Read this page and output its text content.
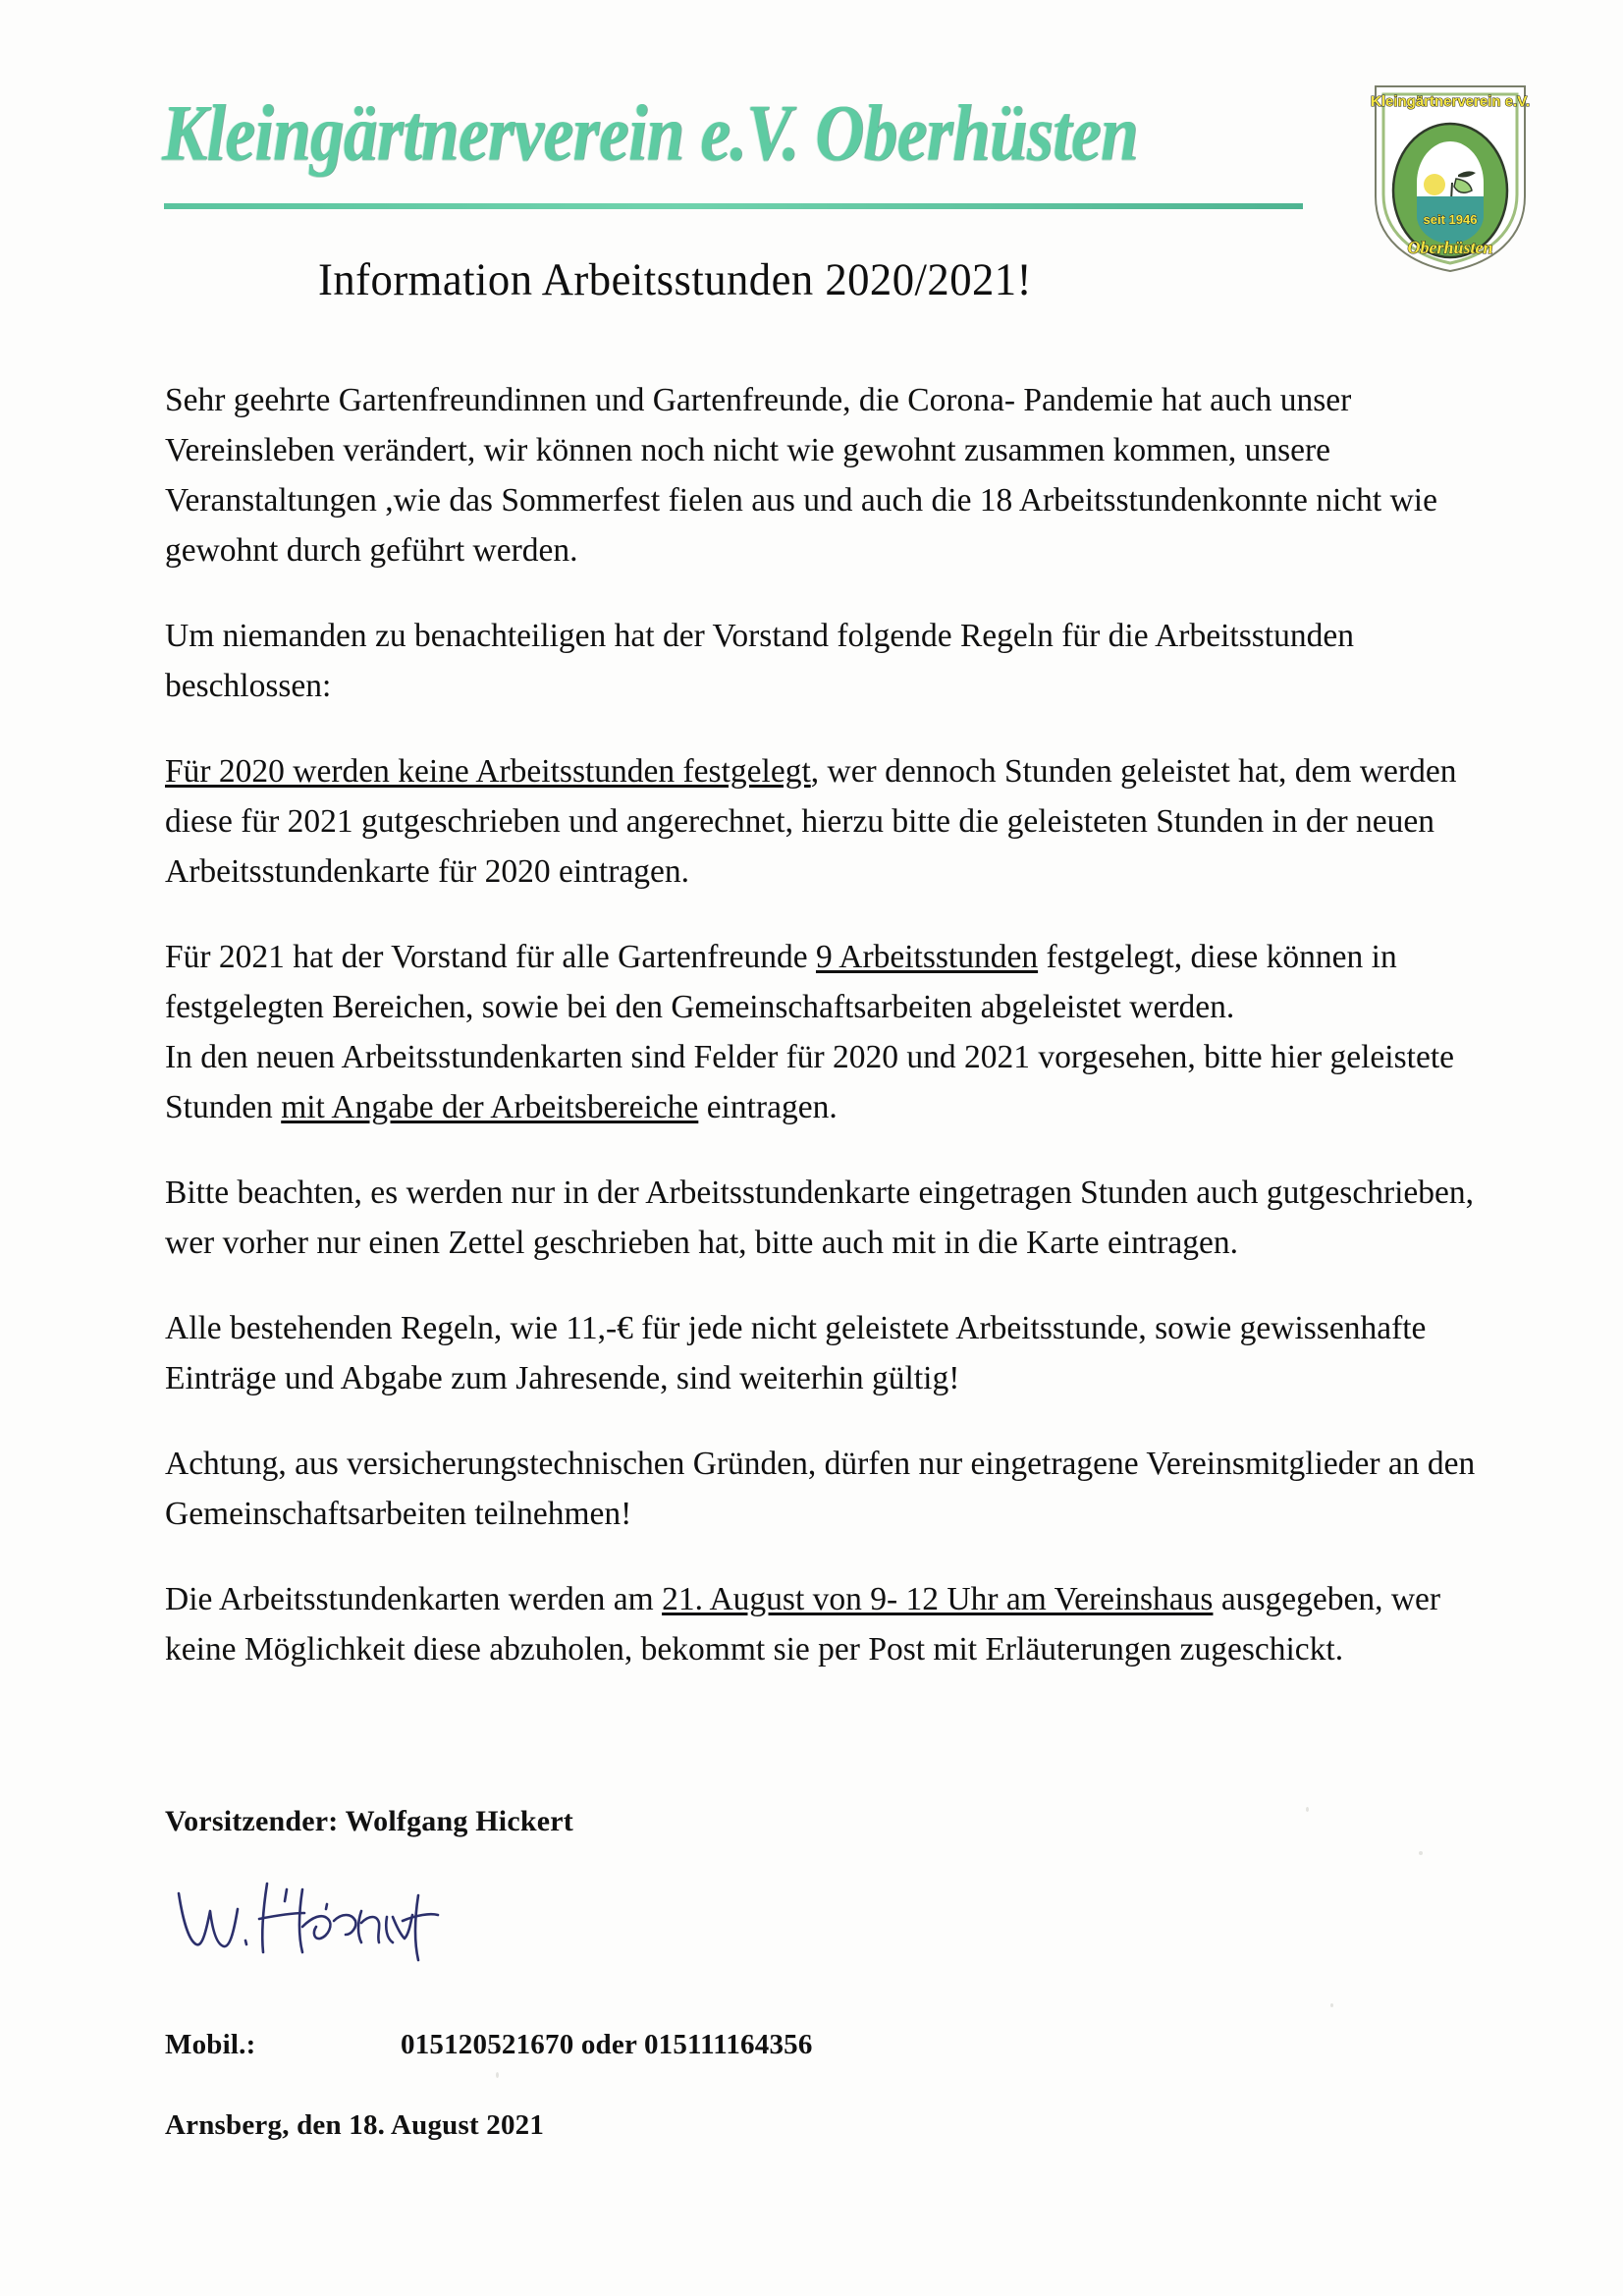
Kleingärtnerverein e.V. Oberhüsten	Kleingärtnerverein e.V.
seit 1946
Oberhüsten
Information Arbeitsstunden 2020/2021!

Sehr geehrte Gartenfreundinnen und Gartenfreunde, die Corona- Pandemie hat auch unser Vereinsleben verändert, wir können noch nicht wie gewohnt zusammen kommen, unsere Veranstaltungen ,wie das Sommerfest fielen aus und auch die 18 Arbeitsstundenkonnte nicht wie gewohnt durch geführt werden.

Um niemanden zu benachteiligen hat der Vorstand folgende Regeln für die Arbeitsstunden beschlossen:

Für 2020 werden keine Arbeitsstunden festgelegt, wer dennoch Stunden geleistet hat, dem werden diese für 2021 gutgeschrieben und angerechnet, hierzu bitte die geleisteten Stunden in der neuen Arbeitsstundenkarte für 2020 eintragen.

Für 2021 hat der Vorstand für alle Gartenfreunde 9 Arbeitsstunden festgelegt, diese können in festgelegten Bereichen, sowie bei den Gemeinschaftsarbeiten abgeleistet werden.

In den neuen Arbeitsstundenkarten sind Felder für 2020 und 2021 vorgesehen, bitte hier geleistete Stunden mit Angabe der Arbeitsbereiche eintragen.

Bitte beachten, es werden nur in der Arbeitsstundenkarte eingetragen Stunden auch gutgeschrieben, wer vorher nur einen Zettel geschrieben hat, bitte auch mit in die Karte eintragen.

Alle bestehenden Regeln, wie 11,-€ für jede nicht geleistete Arbeitsstunde, sowie gewissenhafte Einträge und Abgabe zum Jahresende, sind weiterhin gültig!

Achtung, aus versicherungstechnischen Gründen, dürfen nur eingetragene Vereinsmitglieder an den Gemeinschaftsarbeiten teilnehmen!

Die Arbeitsstundenkarten werden am 21. August von 9- 12 Uhr am Vereinshaus ausgegeben, wer keine Möglichkeit diese abzuholen, bekommt sie per Post mit Erläuterungen zugeschickt.

Vorsitzender: Wolfgang Hickert
Mobil.:	015120521670 oder 015111164356
Arnsberg, den 18. August 2021
